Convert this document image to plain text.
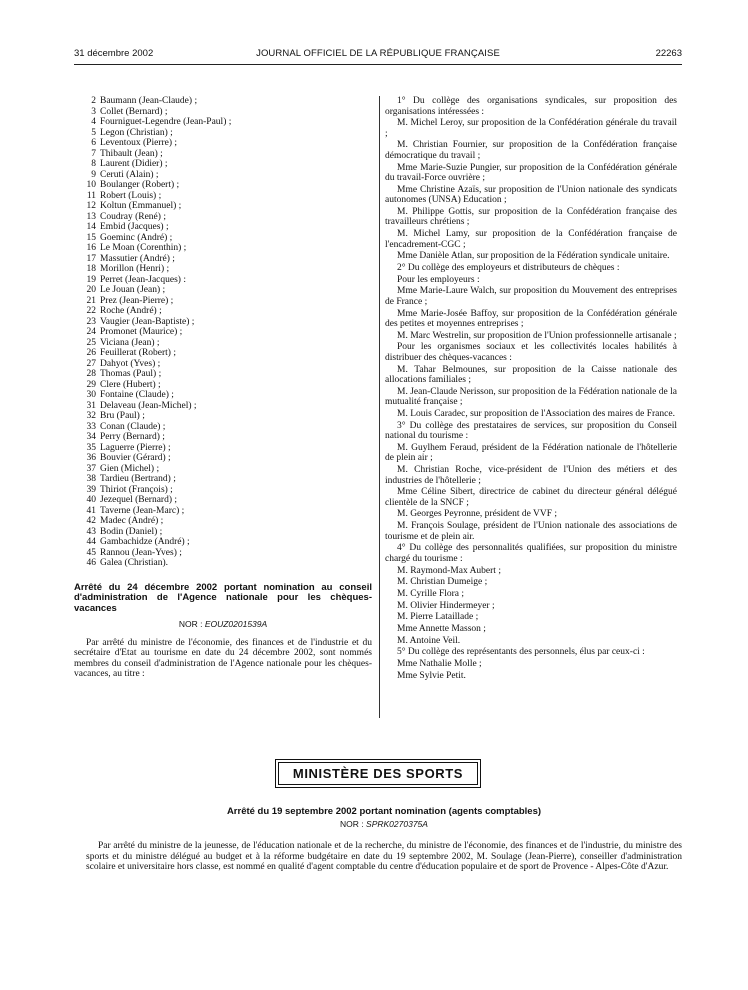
31 décembre 2002	JOURNAL OFFICIEL DE LA RÉPUBLIQUE FRANÇAISE	22263
2 Baumann (Jean-Claude) ;
3 Collet (Bernard) ;
4 Fourniguet-Legendre (Jean-Paul) ;
5 Legon (Christian) ;
6 Leventoux (Pierre) ;
7 Thibault (Jean) ;
8 Laurent (Didier) ;
9 Ceruti (Alain) ;
10 Boulanger (Robert) ;
11 Robert (Louis) ;
12 Koltun (Emmanuel) ;
13 Coudray (René) ;
14 Embid (Jacques) ;
15 Goeminc (André) ;
16 Le Moan (Corenthin) ;
17 Massutier (André) ;
18 Morillon (Henri) ;
19 Perret (Jean-Jacques) :
20 Le Jouan (Jean) ;
21 Prez (Jean-Pierre) ;
22 Roche (André) ;
23 Vaugier (Jean-Baptiste) ;
24 Promonet (Maurice) ;
25 Viciana (Jean) ;
26 Feuillerat (Robert) ;
27 Dahyot (Yves) ;
28 Thomas (Paul) ;
29 Clere (Hubert) ;
30 Fontaine (Claude) ;
31 Delaveau (Jean-Michel) ;
32 Bru (Paul) ;
33 Conan (Claude) ;
34 Perry (Bernard) ;
35 Laguerre (Pierre) ;
36 Bouvier (Gérard) ;
37 Gien (Michel) ;
38 Tardieu (Bertrand) ;
39 Thiriot (François) ;
40 Jezequel (Bernard) ;
41 Taverne (Jean-Marc) ;
42 Madec (André) ;
43 Bodin (Daniel) ;
44 Gambachidze (André) ;
45 Rannou (Jean-Yves) ;
46 Galea (Christian).
Arrêté du 24 décembre 2002 portant nomination au conseil d'administration de l'Agence nationale pour les chèques-vacances
NOR : EOUZ0201539A

Par arrêté du ministre de l'économie, des finances et de l'industrie et du secrétaire d'Etat au tourisme en date du 24 décembre 2002, sont nommés membres du conseil d'administration de l'Agence nationale pour les chèques-vacances, au titre :

1° Du collège des organisations syndicales, sur proposition des organisations intéressées :

M. Michel Leroy, sur proposition de la Confédération générale du travail ;

M. Christian Fournier, sur proposition de la Confédération française démocratique du travail ;

Mme Marie-Suzie Pungier, sur proposition de la Confédération générale du travail-Force ouvrière ;

Mme Christine Azaïs, sur proposition de l'Union nationale des syndicats autonomes (UNSA) Education ;

M. Philippe Gottis, sur proposition de la Confédération française des travailleurs chrétiens ;

M. Michel Lamy, sur proposition de la Confédération française de l'encadrement-CGC ;

Mme Danièle Atlan, sur proposition de la Fédération syndicale unitaire.

2° Du collège des employeurs et distributeurs de chèques :

Pour les employeurs :

Mme Marie-Laure Walch, sur proposition du Mouvement des entreprises de France ;

Mme Marie-Josée Baffoy, sur proposition de la Confédération générale des petites et moyennes entreprises ;

M. Marc Westrelin, sur proposition de l'Union professionnelle artisanale ;

Pour les organismes sociaux et les collectivités locales habilités à distribuer des chèques-vacances :

M. Tahar Belmounes, sur proposition de la Caisse nationale des allocations familiales ;

M. Jean-Claude Nerisson, sur proposition de la Fédération nationale de la mutualité française ;

M. Louis Caradec, sur proposition de l'Association des maires de France.

3° Du collège des prestataires de services, sur proposition du Conseil national du tourisme :

M. Guylhem Feraud, président de la Fédération nationale de l'hôtellerie de plein air ;

M. Christian Roche, vice-président de l'Union des métiers et des industries de l'hôtellerie ;

Mme Céline Sibert, directrice de cabinet du directeur général délégué clientèle de la SNCF ;

M. Georges Peyronne, président de VVF ;

M. François Soulage, président de l'Union nationale des associations de tourisme et de plein air.

4° Du collège des personnalités qualifiées, sur proposition du ministre chargé du tourisme :

M. Raymond-Max Aubert ;

M. Christian Dumeige ;

M. Cyrille Flora ;

M. Olivier Hindermeyer ;

M. Pierre Lataillade ;

Mme Annette Masson ;

M. Antoine Veil.

5° Du collège des représentants des personnels, élus par ceux-ci :

Mme Nathalie Molle ;

Mme Sylvie Petit.

MINISTÈRE DES SPORTS
Arrêté du 19 septembre 2002 portant nomination (agents comptables)
NOR : SPRK0270375A

Par arrêté du ministre de la jeunesse, de l'éducation nationale et de la recherche, du ministre de l'économie, des finances et de l'industrie, du ministre des sports et du ministre délégué au budget et à la réforme budgétaire en date du 19 septembre 2002, M. Soulage (Jean-Pierre), conseiller d'administration scolaire et universitaire hors classe, est nommé en qualité d'agent comptable du centre d'éducation populaire et de sport de Provence - Alpes-Côte d'Azur.
